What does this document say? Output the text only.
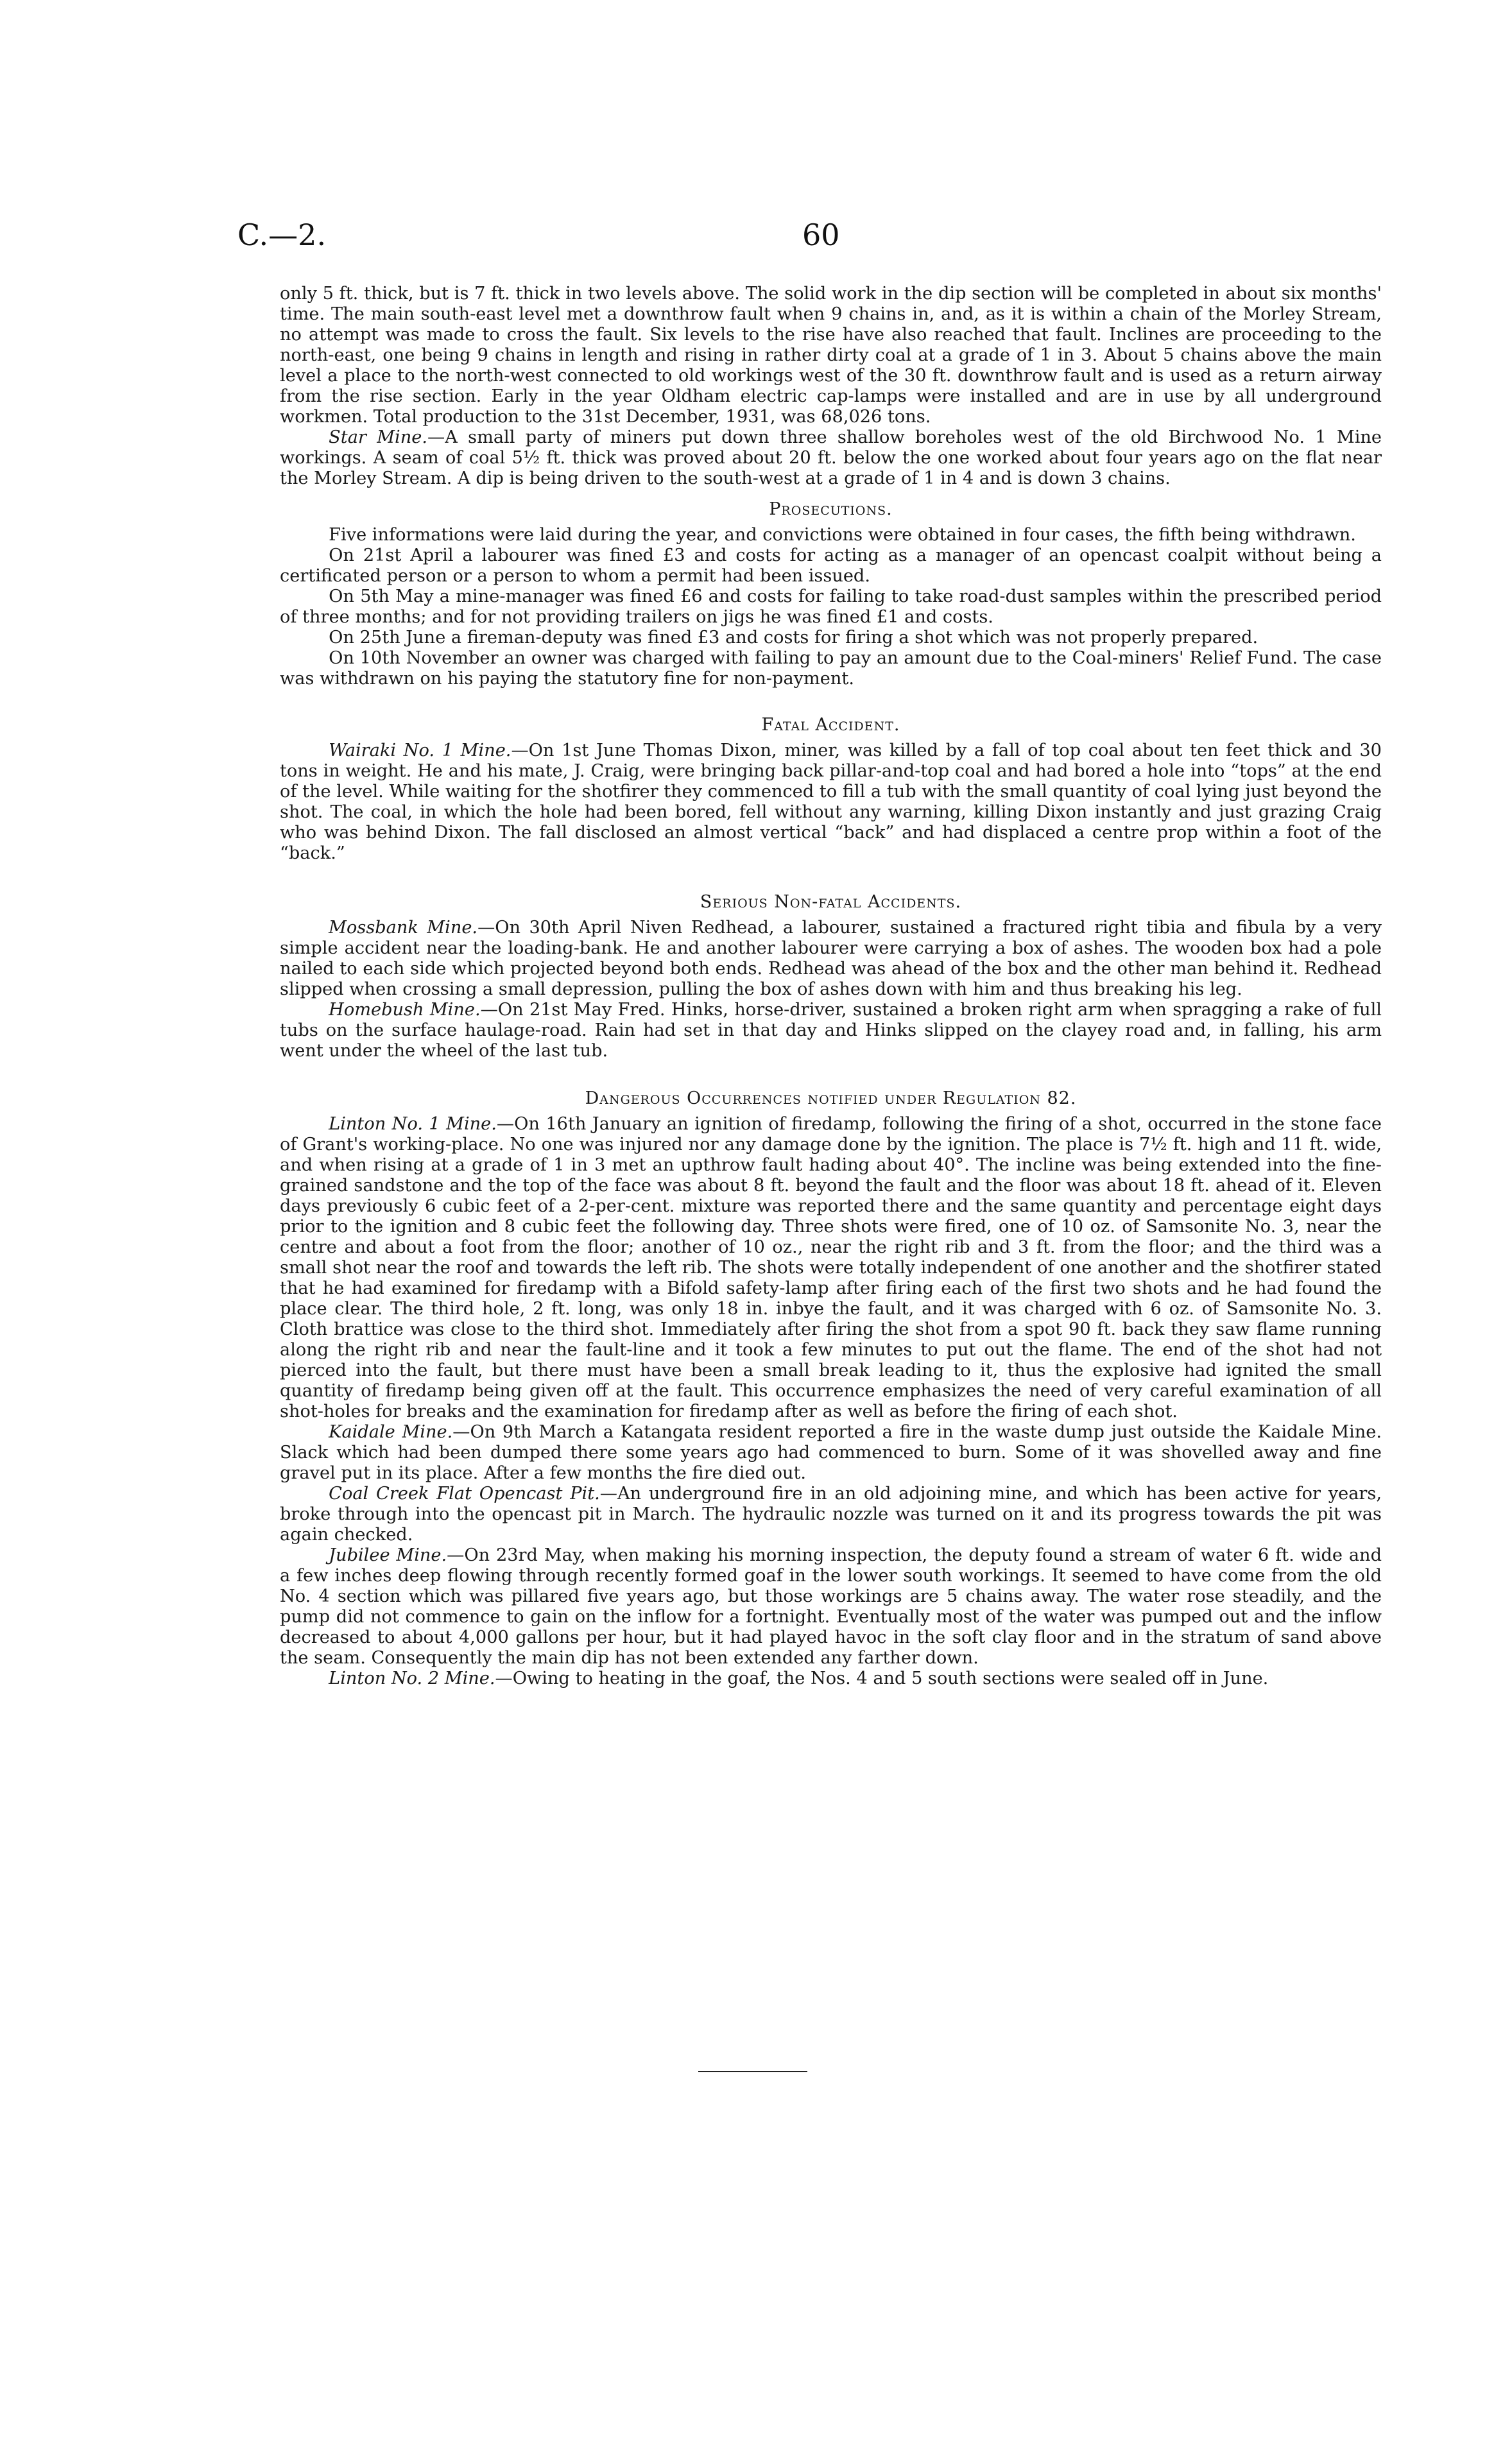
C.—2.	60

only 5 ft. thick, but is 7 ft. thick in two levels above. The solid work in the dip section will be completed in about six months' time. The main south-east level met a downthrow fault when 9 chains in, and, as it is within a chain of the Morley Stream, no attempt was made to cross the fault. Six levels to the rise have also reached that fault. Inclines are proceeding to the north-east, one being 9 chains in length and rising in rather dirty coal at a grade of 1 in 3. About 5 chains above the main level a place to the north-west connected to old workings west of the 30 ft. downthrow fault and is used as a return airway from the rise section. Early in the year Oldham electric cap-lamps were installed and are in use by all underground workmen. Total production to the 31st December, 1931, was 68,026 tons.

Star Mine.—A small party of miners put down three shallow boreholes west of the old Birchwood No. 1 Mine workings. A seam of coal 5½ ft. thick was proved about 20 ft. below the one worked about four years ago on the flat near the Morley Stream. A dip is being driven to the south-west at a grade of 1 in 4 and is down 3 chains.

Prosecutions.

Five informations were laid during the year, and convictions were obtained in four cases, the fifth being withdrawn.

On 21st April a labourer was fined £3 and costs for acting as a manager of an opencast coalpit without being a certificated person or a person to whom a permit had been issued.

On 5th May a mine-manager was fined £6 and costs for failing to take road-dust samples within the prescribed period of three months; and for not providing trailers on jigs he was fined £1 and costs.

On 25th June a fireman-deputy was fined £3 and costs for firing a shot which was not properly prepared.

On 10th November an owner was charged with failing to pay an amount due to the Coal-miners' Relief Fund. The case was withdrawn on his paying the statutory fine for non-payment.

Fatal Accident.

Wairaki No. 1 Mine.—On 1st June Thomas Dixon, miner, was killed by a fall of top coal about ten feet thick and 30 tons in weight. He and his mate, J. Craig, were bringing back pillar-and-top coal and had bored a hole into “tops” at the end of the level. While waiting for the shotfirer they commenced to fill a tub with the small quantity of coal lying just beyond the shot. The coal, in which the hole had been bored, fell without any warning, killing Dixon instantly and just grazing Craig who was behind Dixon. The fall disclosed an almost vertical “back” and had displaced a centre prop within a foot of the “back.”

Serious Non-fatal Accidents.

Mossbank Mine.—On 30th April Niven Redhead, a labourer, sustained a fractured right tibia and fibula by a very simple accident near the loading-bank. He and another labourer were carrying a box of ashes. The wooden box had a pole nailed to each side which projected beyond both ends. Redhead was ahead of the box and the other man behind it. Redhead slipped when crossing a small depression, pulling the box of ashes down with him and thus breaking his leg.

Homebush Mine.—On 21st May Fred. Hinks, horse-driver, sustained a broken right arm when spragging a rake of full tubs on the surface haulage-road. Rain had set in that day and Hinks slipped on the clayey road and, in falling, his arm went under the wheel of the last tub.

Dangerous Occurrences notified under Regulation 82.

Linton No. 1 Mine.—On 16th January an ignition of firedamp, following the firing of a shot, occurred in the stone face of Grant's working-place. No one was injured nor any damage done by the ignition. The place is 7½ ft. high and 11 ft. wide, and when rising at a grade of 1 in 3 met an upthrow fault hading about 40°. The incline was being extended into the fine-grained sandstone and the top of the face was about 8 ft. beyond the fault and the floor was about 18 ft. ahead of it. Eleven days previously 6 cubic feet of a 2-per-cent. mixture was reported there and the same quantity and percentage eight days prior to the ignition and 8 cubic feet the following day. Three shots were fired, one of 10 oz. of Samsonite No. 3, near the centre and about a foot from the floor; another of 10 oz., near the right rib and 3 ft. from the floor; and the third was a small shot near the roof and towards the left rib. The shots were totally independent of one another and the shotfirer stated that he had examined for firedamp with a Bifold safety-lamp after firing each of the first two shots and he had found the place clear. The third hole, 2 ft. long, was only 18 in. inbye the fault, and it was charged with 6 oz. of Samsonite No. 3. Cloth brattice was close to the third shot. Immediately after firing the shot from a spot 90 ft. back they saw flame running along the right rib and near the fault-line and it took a few minutes to put out the flame. The end of the shot had not pierced into the fault, but there must have been a small break leading to it, thus the explosive had ignited the small quantity of firedamp being given off at the fault. This occurrence emphasizes the need of very careful examination of all shot-holes for breaks and the examination for firedamp after as well as before the firing of each shot.

Kaidale Mine.—On 9th March a Katangata resident reported a fire in the waste dump just outside the Kaidale Mine. Slack which had been dumped there some years ago had commenced to burn. Some of it was shovelled away and fine gravel put in its place. After a few months the fire died out.

Coal Creek Flat Opencast Pit.—An underground fire in an old adjoining mine, and which has been active for years, broke through into the opencast pit in March. The hydraulic nozzle was turned on it and its progress towards the pit was again checked.

Jubilee Mine.—On 23rd May, when making his morning inspection, the deputy found a stream of water 6 ft. wide and a few inches deep flowing through recently formed goaf in the lower south workings. It seemed to have come from the old No. 4 section which was pillared five years ago, but those workings are 5 chains away. The water rose steadily, and the pump did not commence to gain on the inflow for a fortnight. Eventually most of the water was pumped out and the inflow decreased to about 4,000 gallons per hour, but it had played havoc in the soft clay floor and in the stratum of sand above the seam. Consequently the main dip has not been extended any farther down.

Linton No. 2 Mine.—Owing to heating in the goaf, the Nos. 4 and 5 south sections were sealed off in June.
